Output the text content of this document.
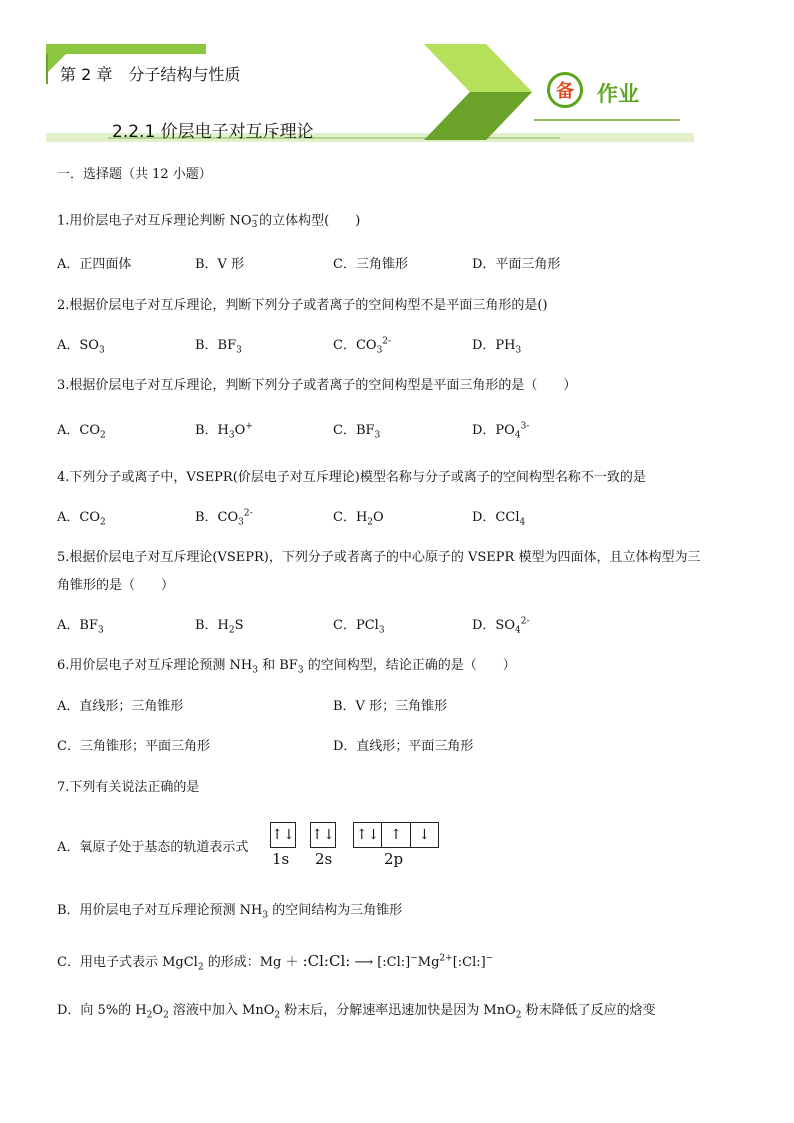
第 2 章　分子结构与性质
2.2.1 价层电子对互斥理论
备	作业
一．选择题（共 12 小题）
1.用价层电子对互斥理论判断 NO−
3 的立体构型(　　)
A．正四面体	B．V 形	C．三角锥形	D．平面三角形
2.根据价层电子对互斥理论，判断下列分子或者离子的空间构型不是平面三角形的是()
A．$SO_3$	B．$BF_3$	C．$CO_3^{2-}$	D．$PH_3$
3.根据价层电子对互斥理论，判断下列分子或者离子的空间构型是平面三角形的是（　　）
A．$CO_2$	B．$H_3O^+$	C．$BF_3$	D．$PO_4^{3-}$
4.下列分子或离子中，VSEPR(价层电子对互斥理论)模型名称与分子或离子的空间构型名称不一致的是
A．$CO_2$	B．$CO_3^{2-}$	C．$H_2O$	D．CCl$_4$
5.根据价层电子对互斥理论(VSEPR)，下列分子或者离子的中心原子的 VSEPR 模型为四面体，且立体构型为三
角锥形的是（　　）
A．$BF_3$	B．$H_2S$	C．PCl$_3$	D．$SO_4^{2-}$
6.用价层电子对互斥理论预测 $NH_3$ 和 $BF_3$ 的空间构型，结论正确的是（　　）
A．直线形；三角锥形	B．V 形；三角锥形
C．三角锥形；平面三角形	D．直线形；平面三角形
7.下列有关说法正确的是
A．氧原子处于基态的轨道表示式
↑↓ ↑↓ ↑↓ ↑	↓
1s 2s	2p
B．用价层电子对互斥理论预测 $NH_3$ 的空间结构为三角锥形
C．用电子式表示 MgCl$_2$ 的形成：Mg ＋ :Cl:Cl: ⟶ $[:Cl:]^-Mg^{2+}[:Cl:]^-$
D．向 5%的 $H_2O_2$ 溶液中加入 MnO$_2$ 粉末后，分解速率迅速加快是因为 MnO$_2$ 粉末降低了反应的焓变
